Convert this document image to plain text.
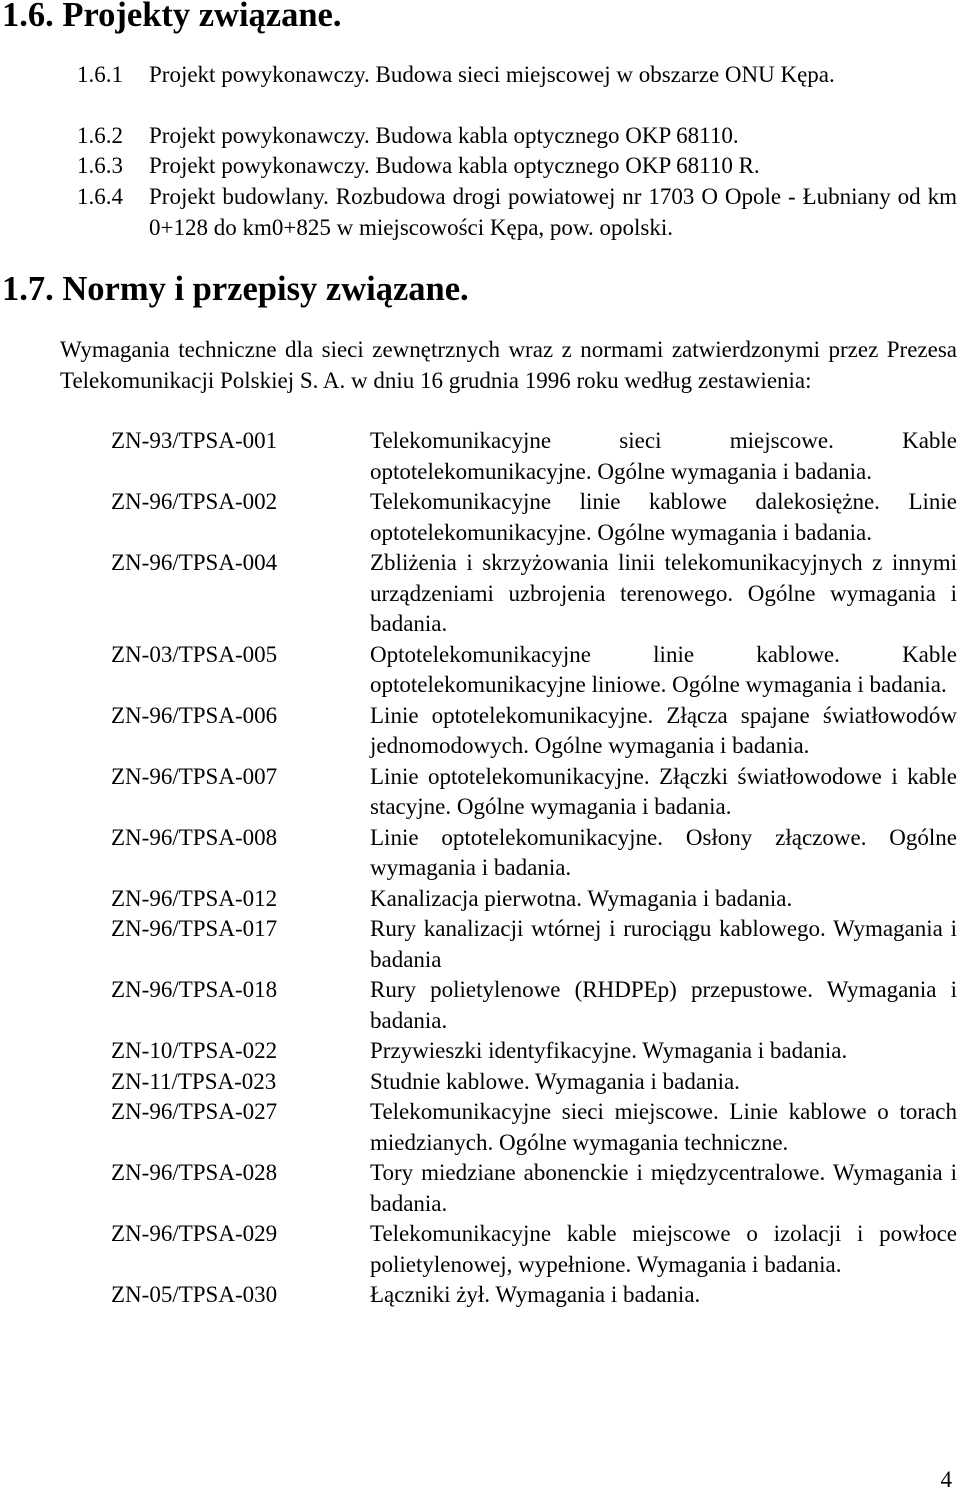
1.6. Projekty związane.
1.6.1	Projekt powykonawczy. Budowa sieci miejscowej w obszarze ONU Kępa.
1.6.2	Projekt powykonawczy. Budowa kabla optycznego OKP 68110.
1.6.3	Projekt powykonawczy. Budowa kabla optycznego OKP 68110 R.
1.6.4	Projekt budowlany. Rozbudowa drogi powiatowej nr 1703 O Opole - Łubniany od km 0+128 do km0+825 w miejscowości Kępa, pow. opolski.
1.7. Normy i przepisy związane.

Wymagania techniczne dla sieci zewnętrznych wraz z normami zatwierdzonymi przez Prezesa Telekomunikacji Polskiej S. A. w dniu 16 grudnia 1996 roku według zestawienia:

ZN-93/TPSA-001	Telekomunikacyjne sieci miejscowe. Kable optotelekomunikacyjne. Ogólne wymagania i badania.
ZN-96/TPSA-002	Telekomunikacyjne linie kablowe dalekosiężne. Linie optotelekomunikacyjne. Ogólne wymagania i badania.
ZN-96/TPSA-004	Zbliżenia i skrzyżowania linii telekomunikacyjnych z innymi urządzeniami uzbrojenia terenowego. Ogólne wymagania i badania.
ZN-03/TPSA-005	Optotelekomunikacyjne linie kablowe. Kable optotelekomunikacyjne liniowe. Ogólne wymagania i badania.
ZN-96/TPSA-006	Linie optotelekomunikacyjne. Złącza spajane światłowodów jednomodowych. Ogólne wymagania i badania.
ZN-96/TPSA-007	Linie optotelekomunikacyjne. Złączki światłowodowe i kable stacyjne. Ogólne wymagania i badania.
ZN-96/TPSA-008	Linie optotelekomunikacyjne. Osłony złączowe. Ogólne wymagania i badania.
ZN-96/TPSA-012	Kanalizacja pierwotna. Wymagania i badania.
ZN-96/TPSA-017	Rury kanalizacji wtórnej i rurociągu kablowego. Wymagania i badania
ZN-96/TPSA-018	Rury polietylenowe (RHDPEp) przepustowe. Wymagania i badania.
ZN-10/TPSA-022	Przywieszki identyfikacyjne. Wymagania i badania.
ZN-11/TPSA-023	Studnie kablowe. Wymagania i badania.
ZN-96/TPSA-027	Telekomunikacyjne sieci miejscowe. Linie kablowe o torach miedzianych. Ogólne wymagania techniczne.
ZN-96/TPSA-028	Tory miedziane abonenckie i międzycentralowe. Wymagania i badania.
ZN-96/TPSA-029	Telekomunikacyjne kable miejscowe o izolacji i powłoce polietylenowej, wypełnione. Wymagania i badania.
ZN-05/TPSA-030	Łączniki żył. Wymagania i badania.
4
